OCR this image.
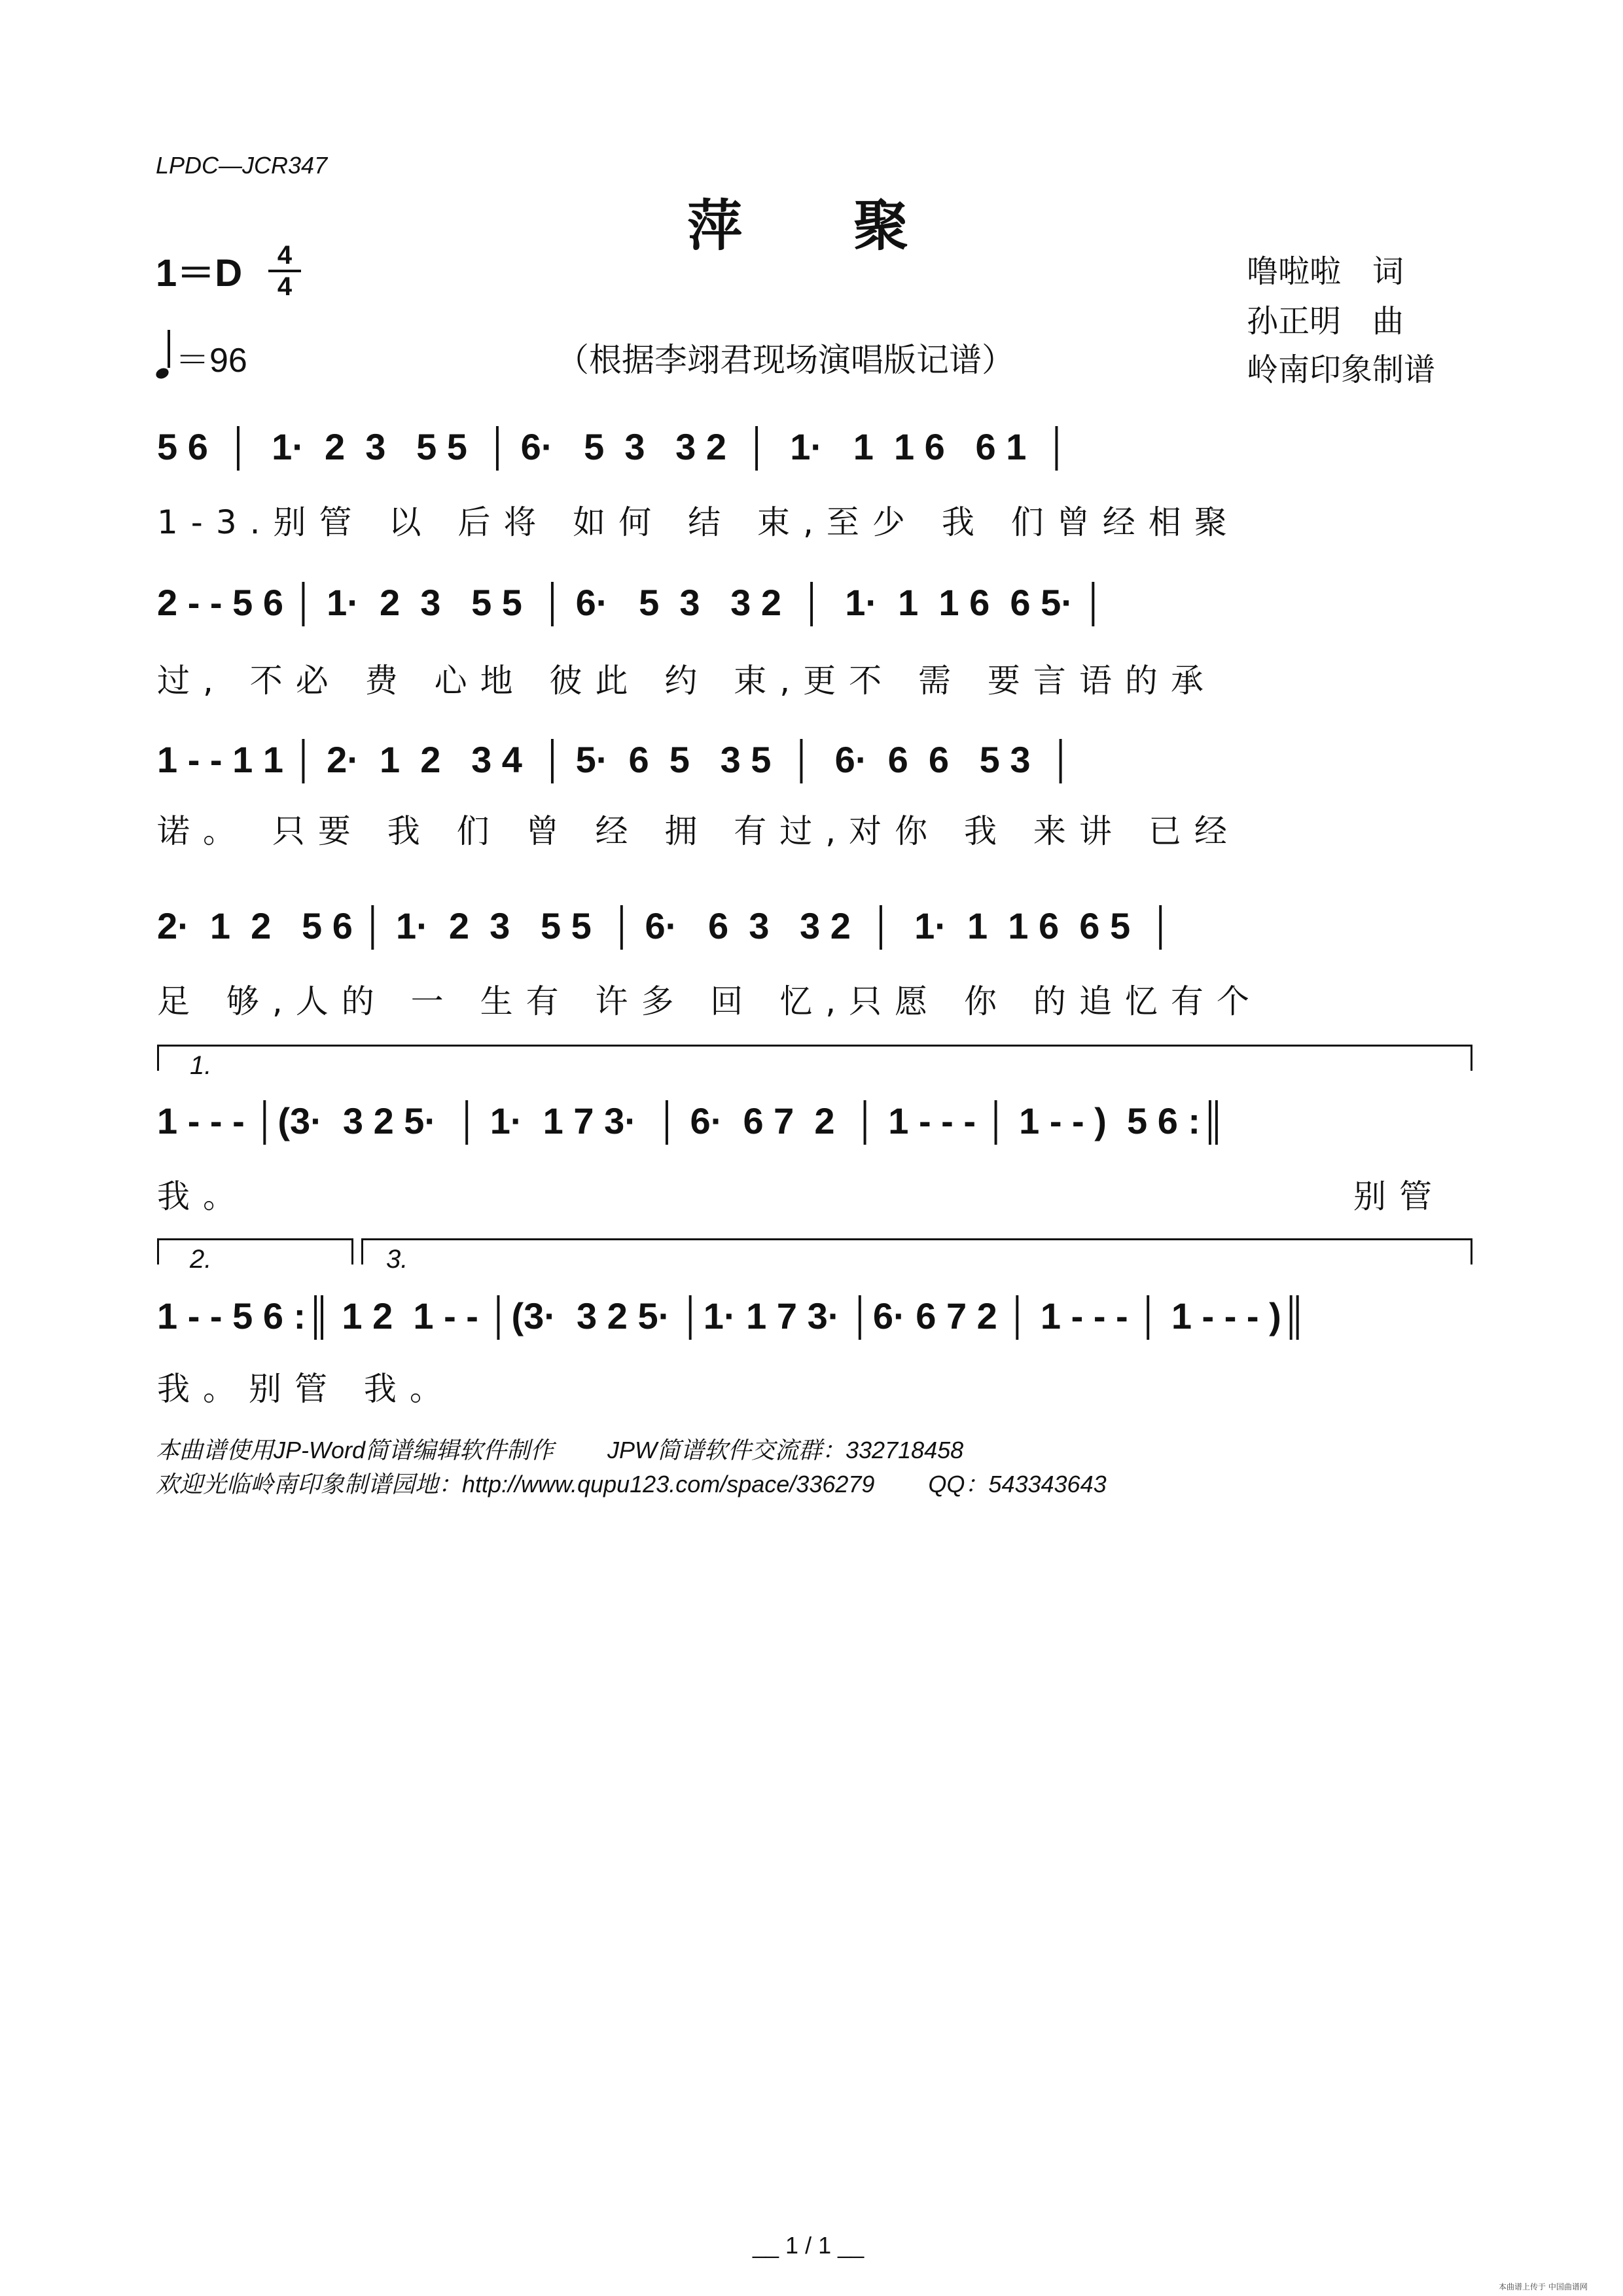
LPDC—JCR347
萍聚
1＝D	4
4
＝96	（根据李翊君现场演唱版记谱）
噜啦啦　词
孙正明　曲
岭南印象制谱
5 6  │  1·  2  3   5 5  │ 6·   5  3   3 2  │  1·   1  1 6   6 1  │
1-3.别管 以 后将 如何 结 束,至少 我 们曾经相聚
2 - - 5 6 │ 1·  2  3   5 5  │ 6·   5  3   3 2  │  1·  1  1 6  6 5· │
过, 不必 费 心地 彼此 约 束,更不 需 要言语的承
1 - - 1 1 │ 2·  1  2   3 4  │ 5·  6  5   3 5  │  6·  6  6   5 3  │
诺。 只要 我 们 曾 经 拥 有过,对你 我 来讲 已经
2·  1  2   5 6 │ 1·  2  3   5 5  │ 6·   6  3   3 2  │  1·  1  1 6  6 5  │
足 够,人的 一 生有 许多 回 忆,只愿 你 的追忆有个
1.
1 - - - │(3·  3 2 5·  │ 1·  1 7 3·  │ 6·  6 7  2  │ 1 - - - │ 1 - - )  5 6 :║
我。	别管
2.	3.
1 - - 5 6 :║ 1 2  1 - - │(3·  3 2 5· │1· 1 7 3· │6· 6 7 2 │ 1 - - - │ 1 - - - )║
我。别管 我。
本曲谱使用JP-Word简谱编辑软件制作　　 JPW简谱软件交流群：332718458
欢迎光临岭南印象制谱园地：http://www.qupu123.com/space/336279　　 QQ：543343643
__ 1 / 1 __
本曲谱上传于 中国曲谱网
